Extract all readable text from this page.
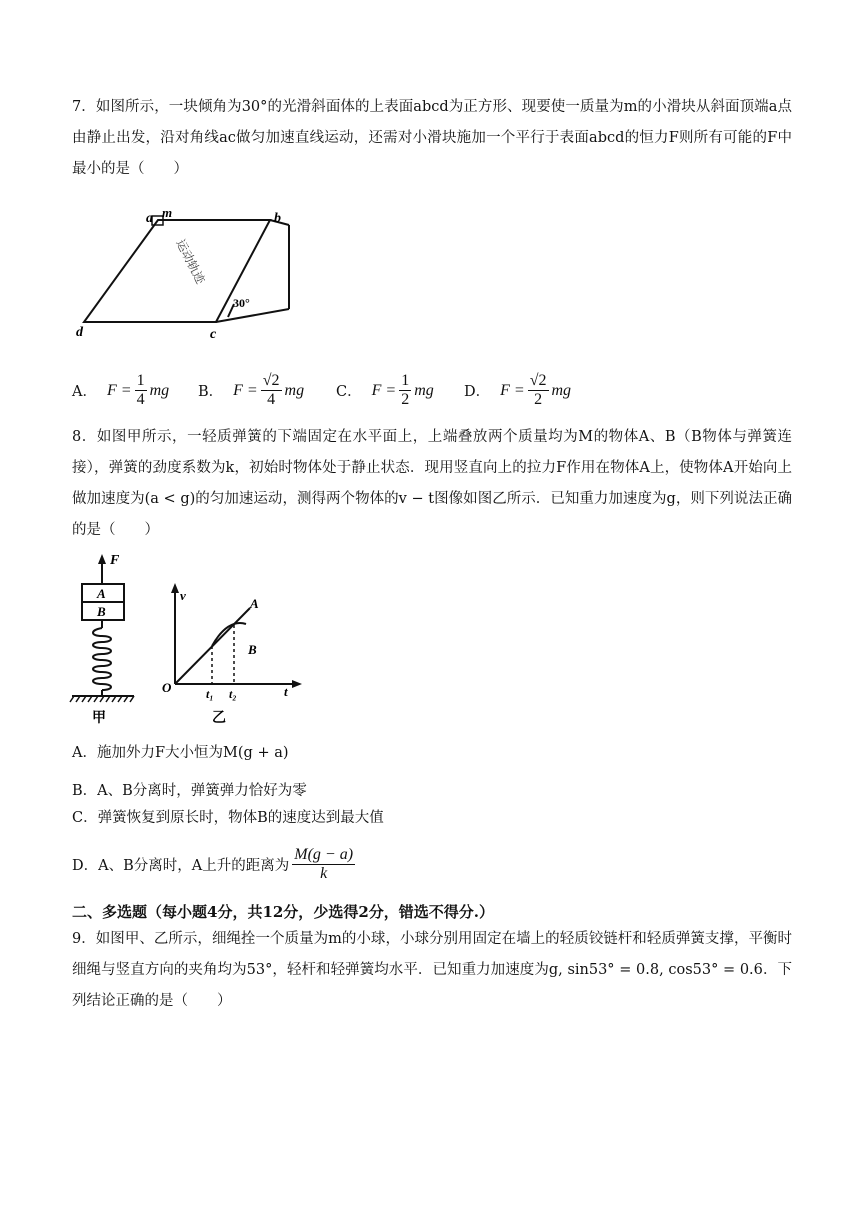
7．如图所示，一块倾角为30°的光滑斜面体的上表面abcd为正方形、现要使一质量为m的小滑块从斜面顶端a点由静止出发，沿对角线ac做匀加速直线运动，还需对小滑块施加一个平行于表面abcd的恒力F则所有可能的F中最小的是（　　）
a m	b
d	c
30°
运动轨迹
A． $F = \frac{1}{4}$ mg B． $F = \frac{√2}{4}$ mg C． $F = \frac{1}{2}$ mg D． $F = \frac{√2}{2}$ mg
8．如图甲所示，一轻质弹簧的下端固定在水平面上，上端叠放两个质量均为M的物体A、B（B物体与弹簧连接），弹簧的劲度系数为k，初始时物体处于静止状态．现用竖直向上的拉力F作用在物体A上，使物体A开始向上做加速度为(a < g)的匀加速运动，测得两个物体的v − t图像如图乙所示．已知重力加速度为g，则下列说法正确的是（　　）
F
A
B
甲
v
A
B
O	t₁ t₂	t
乙
A．施加外力F大小恒为M(g + a)
B．A、B分离时，弹簧弹力恰好为零
C．弹簧恢复到原长时，物体B的速度达到最大值
D． A、B分离时，A上升的距离为 $\frac{M(g - a)}{k}$
二、多选题（每小题4分，共12分，少选得2分，错选不得分.）
9．如图甲、乙所示，细绳拴一个质量为m的小球，小球分别用固定在墙上的轻质铰链杆和轻质弹簧支撑，平衡时细绳与竖直方向的夹角均为53°，轻杆和轻弹簧均水平．已知重力加速度为g, sin53° = 0.8, cos53° = 0.6．下列结论正确的是（　　）
